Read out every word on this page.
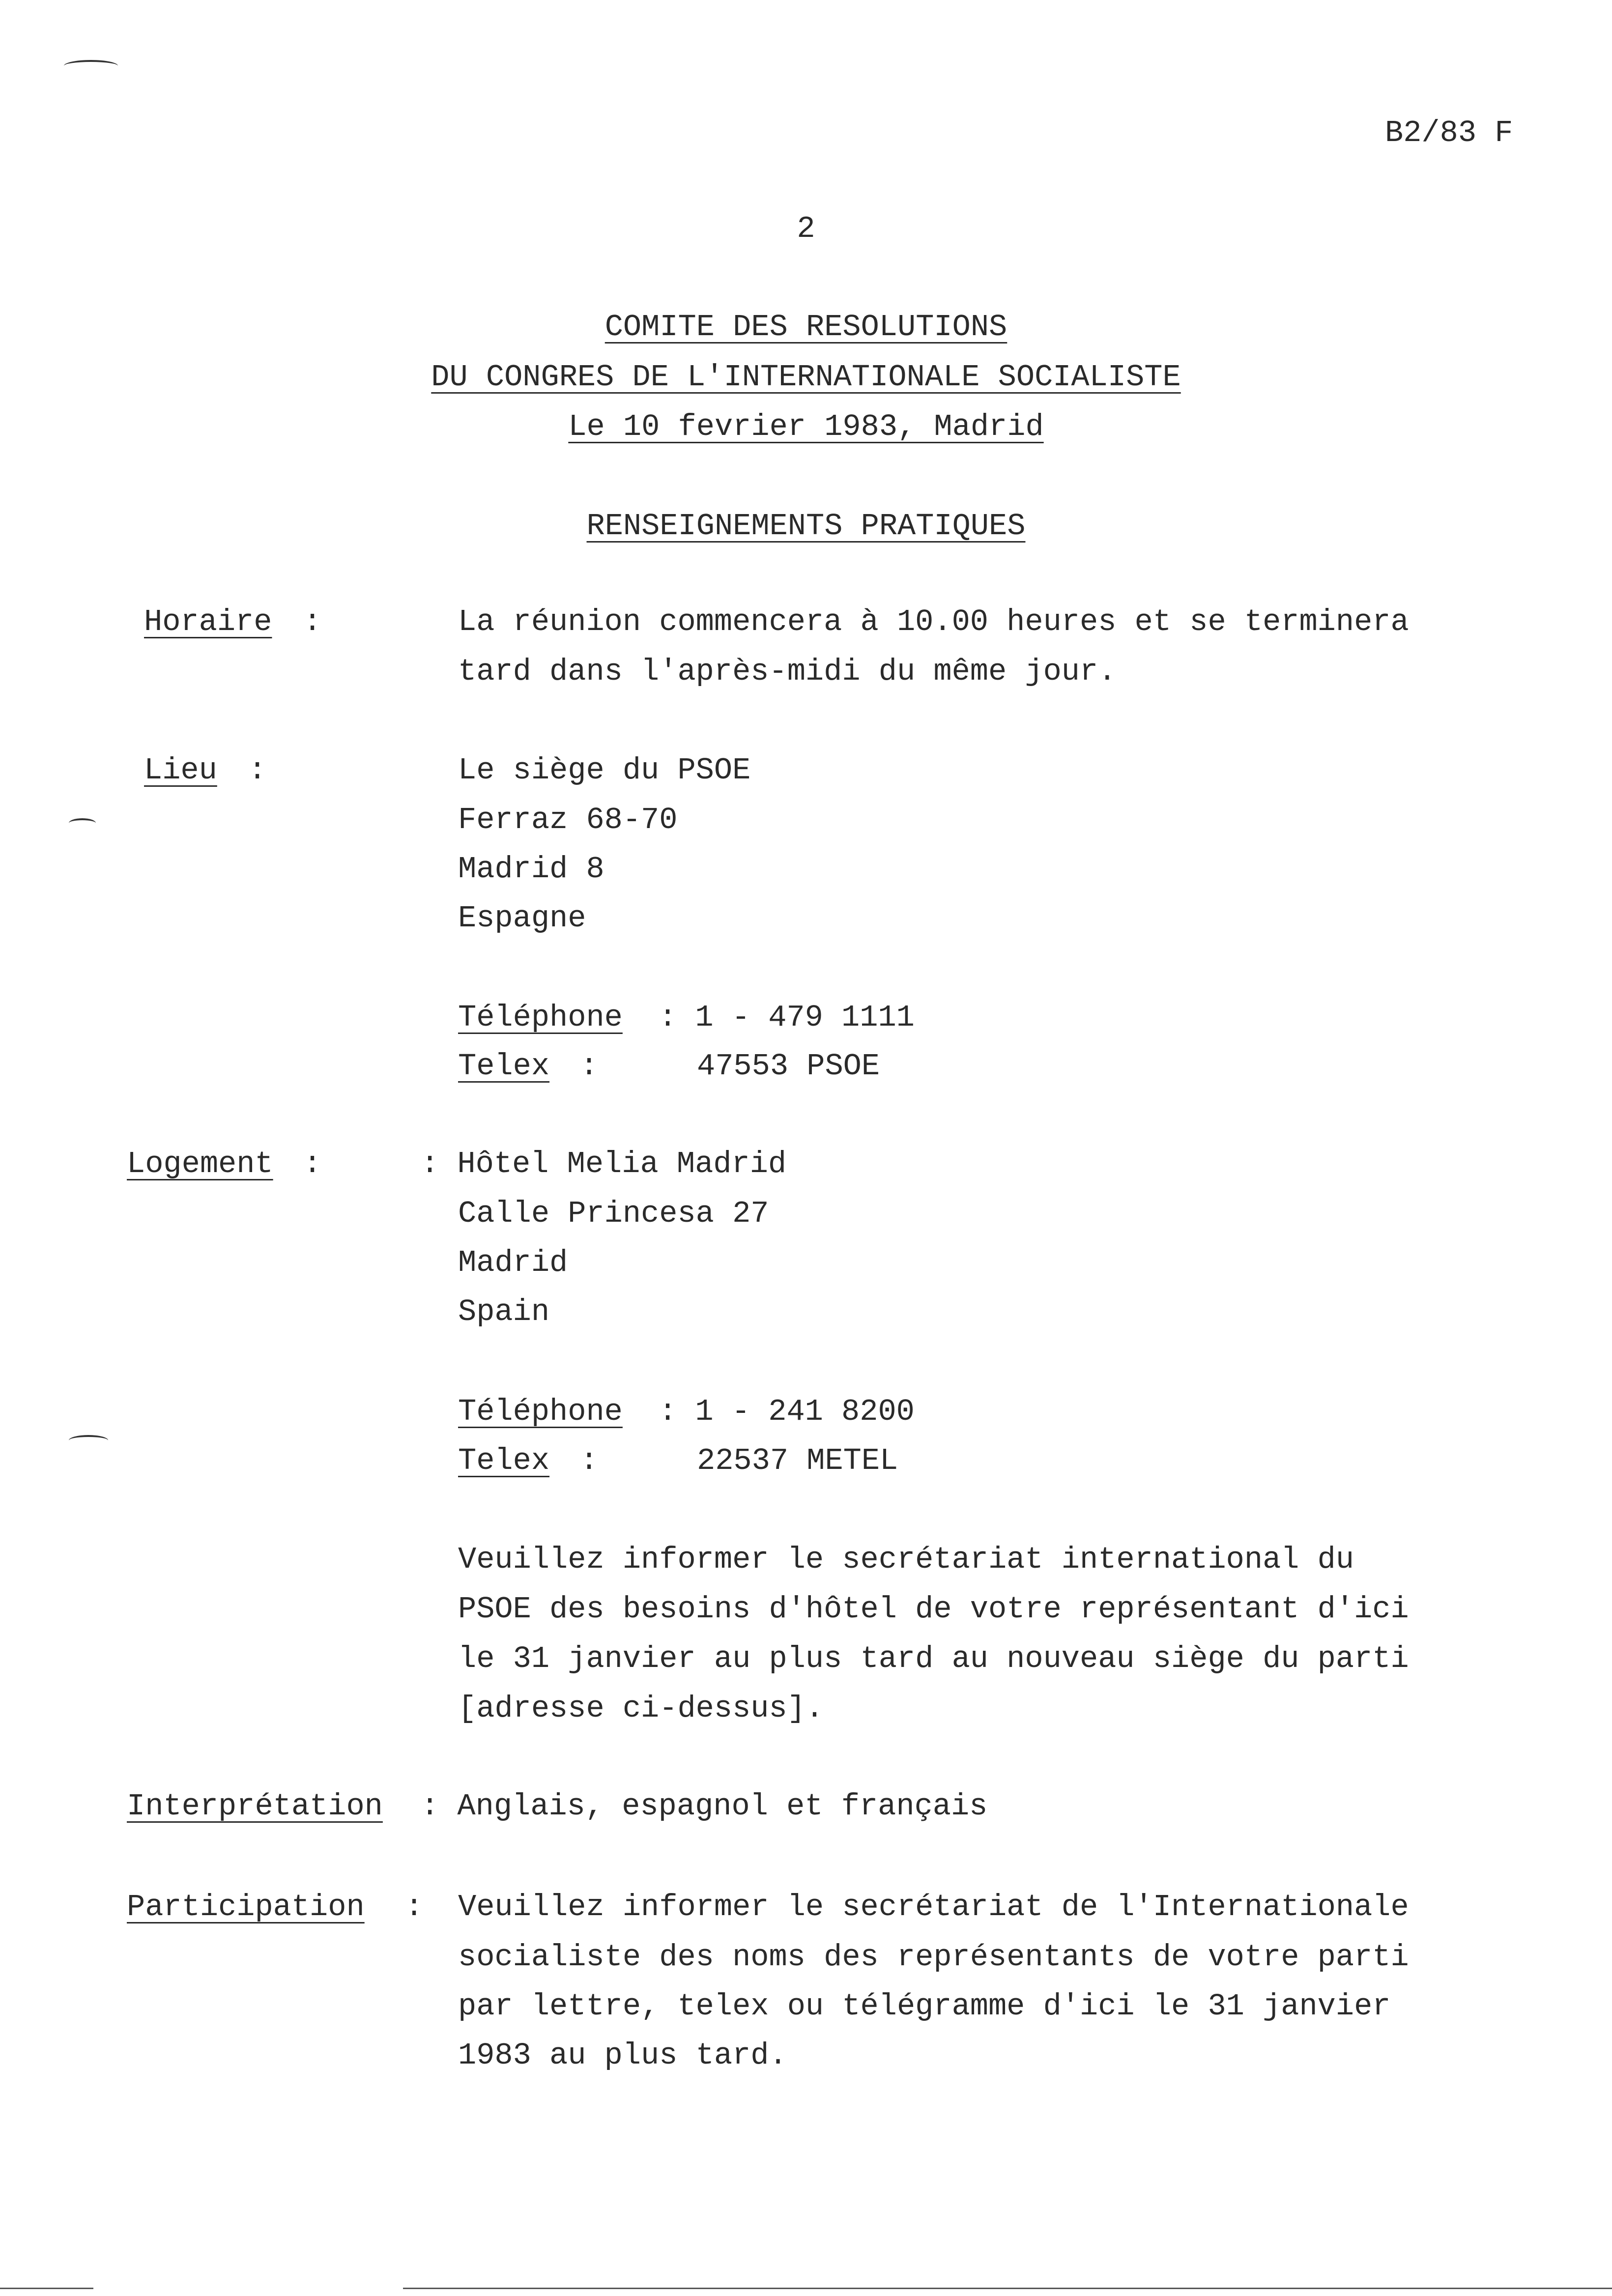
B2/83 F
2
COMITE DES RESOLUTIONS
DU CONGRES DE L'INTERNATIONALE SOCIALISTE
Le 10 fevrier 1983, Madrid
RENSEIGNEMENTS PRATIQUES
Horaire :	La réunion commencera à 10.00 heures et se terminera
tard dans l'après-midi du même jour.
Lieu :	Le siège du PSOE
Ferraz 68-70
Madrid 8
Espagne
Téléphone : 1 - 479 1111
Telex :	47553 PSOE
Logement :	: Hôtel Melia Madrid
Calle Princesa 27
Madrid
Spain
Téléphone : 1 - 241 8200
Telex :	22537 METEL
Veuillez informer le secrétariat international du
PSOE des besoins d'hôtel de votre représentant d'ici
le 31 janvier au plus tard au nouveau siège du parti
[adresse ci-dessus].
Interprétation : Anglais, espagnol et français
Participation : Veuillez informer le secrétariat de l'Internationale
socialiste des noms des représentants de votre parti
par lettre, telex ou télégramme d'ici le 31 janvier
1983 au plus tard.
